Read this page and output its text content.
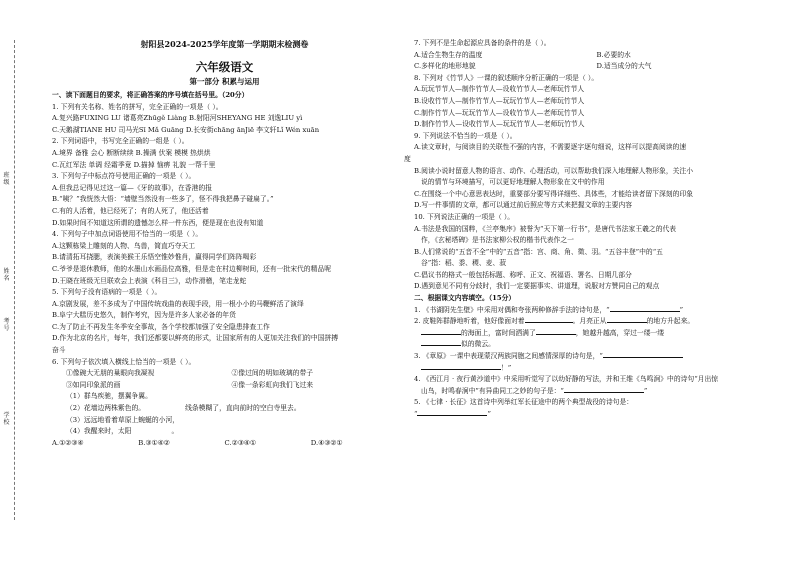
班级
姓名
考号
学校
射阳县2024-2025学年度第一学期期末检测卷
六年级语文
第一部分 积累与运用
一、读下面题目的要求，将正确答案的序号填在括号里。（20分）
1. 下列有关名称、姓名的拼写，完全正确的一项是（ ）。
A.复兴路FUXING LU 诸葛亮Zhūgě Liàng B.射阳河SHEYANG HE 刘逸LIU yì
C.天鹅湖TIANE HU 司马光Sī Mǎ Guāng D.长安街chāng ānJiē 李文轩Lǐ Wén xuān
2. 下列词语中，书写完全正确的一组是（ ）。
A.境界 备雅 会心 断断续续 B.操满 伏案 模模 热烘烘
C.瓦红军法 单调 经霜季竟 D.描掉 恼痹 礼貌 一帮千里
3. 下列句子中标点符号使用正确的一项是（ ）。
A.但我总记得见过这一篇—《牙的故事》，在香港的报
B.“咦？”我恍然大悟：“墙壁当然没有一些多了，怪不得我把鼻子碰扁了。”
C.有的人活着，他已经死了；有的人死了，他还活着
D.如果时间不知道这所谓的遗憾怎么样一件东西，便是现在也没有知道
4. 下列句子中加点词语使用不恰当的一项是（ ）。
A.这颗栋梁上雕刻的人物、鸟兽，简直巧夺天工
B.请清拓耳挠腮，表演美猴王乐悟空惟妙惟肖，赢得同学们阵阵喝彩
C.爷爷是退休教师，他的水墨山水画品位高雅，但是走在村边柳树间，还有一批宋代的精品呢
D.王晓在班级无旦联欢会上表演《科目三》，动作滑稽，笔走龙蛇
5. 下列句子没有语病的一项是（ ）。
A.京剧发展，差不多成为了中国传统戏曲的表现手段，用一根小小的马鞭鲜活了演绎
B.阜宁大糕历史悠久，制作考究，因为是许多人家必备的年货
C.为了防止不再发生冬季安全事故，各个学校都加强了安全隐患排查工作
D.作为北京的名片，每年，我们还都要以鲜亮的形式，让国家所有的人更加关注我们的中国拼搏
奋斗
6. 下列句子依次填入横线上恰当的一项是（ ）。
①像碗大无朋的巢眼向我凝视	②像过间的明如玻璃的带子
③如同印象派的画	④像一条彩虹向我们飞过来
（1）群鸟疾驰，摆翼争翼。
（2）花墙边两株紫色的。	线条模糊了，直向前时的空白寺里去。
（3）远远地看着草原上蜿蜒的小河，
（4）我醒来时，太阳	。
A.①②③④	B.③①④②	C.②③④①	D.④③②①
7. 下列不是生命起源应具备的条件的是（ ）。
A.适合生物生存的温度	B.必要的水
C.多样化的地形地貌	D.适当成分的大气
8. 下列对《竹节人》一课的叙述顺序分析正确的一项是（ ）。
A.玩玩节节人—制作竹节人—设收竹节人—老师玩竹节人
B.设收竹节人—制作竹节人—玩玩竹节人—老师玩竹节人
C.制作竹节人—玩玩竹节人—设收竹节人—老师玩竹节人
D.制作竹节人—设收竹节人—玩玩竹节人—老师玩竹节人
9. 下列说法不恰当的一项是（ ）。
A.读文章时，与阅读目的关联性不强的内容，不需要逐字逐句细说，这样可以提高阅读的速
度
B.阅读小说时留意人物的语言、动作、心理活动，可以帮助我们深入地理解人物形象，关注小
说的情节与环境描写，可以更好地理解人物形象在文中的作用
C.在围绕一个中心意思表达时，重要部分要写得详细些、具体些，才能给读者留下深刻的印象
D.写一件事情的文章，都可以通过前后照应等方式来把握文章的主要内容
10. 下列说法正确的一项是（ ）。
A.书法是我国的国粹，《兰亭集序》被誉为“天下第一行书”，是唐代书法家王羲之的代表
作，《玄秘塔碑》是书法家柳公权的楷书代表作之一
B.人们常说的“五音不全”中的“五音”指：宫、商、角、徵、羽。“五谷丰登”中的“五
谷”指：稻、黍、稷、麦、菽
C.倡议书的格式一般包括标题、称呼、正文、祝福语、署名、日期几部分
D.遇到意见不同有分歧时，我们一定要据事实、讲道理，说服对方赞同自己的观点
二、根据课文内容填空。（15分）
1. 《书湖阴先生壁》中采用对偶和夸张两种修辞手法的诗句是，“	”
2. 皮鞋阵群静地听着，他好像面对着	。月亮正从	的地方升起来。
的海面上，富时间洒满了	，她越升越高，穿过一缕一缕
似的微云。
3. 《章原》一课中表现蒙汉两族同胞之间感情深厚的诗句是，“
！”
4. 《西江月 · 夜行黄沙道中》中采用听觉写了以幼好静的写法，并和王维《鸟鸣涧》中的诗句“月出惊
山鸟，时鸣春涧中”有异曲同工之妙的句子是：“	”
5. 《七律 · 长征》这首诗中列举红军长征途中的两个典型战役的诗句是：
“	”
